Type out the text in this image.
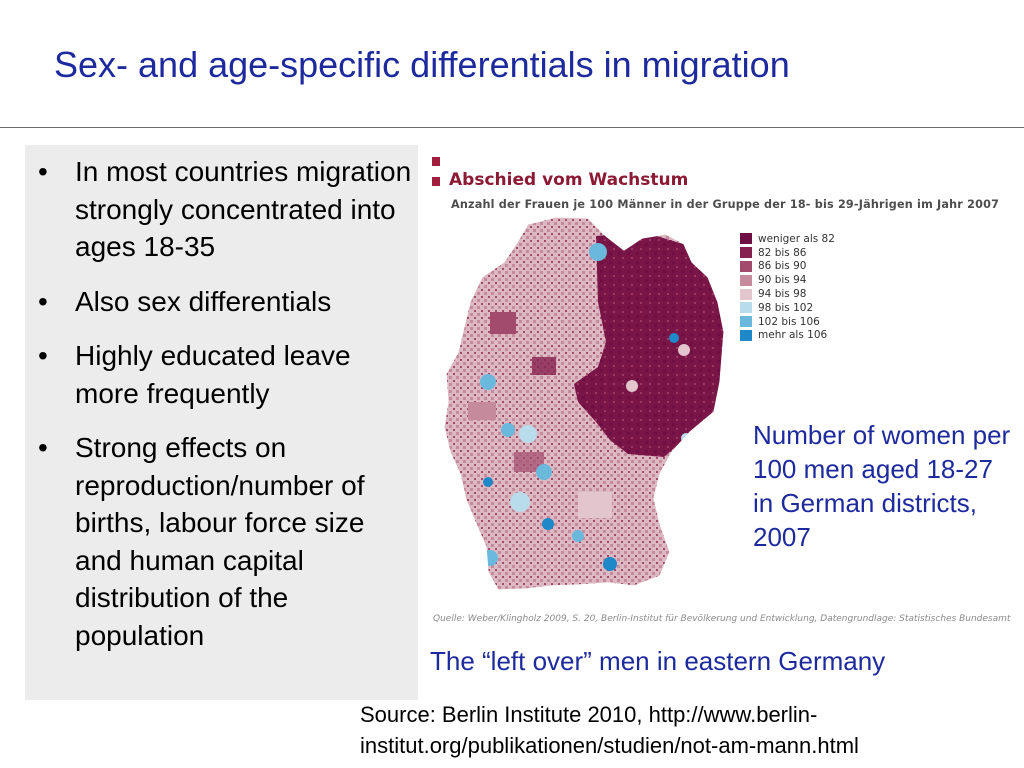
Sex- and age-specific differentials in migration
• In most countries migration strongly concentrated into ages 18-35
• Also sex differentials
• Highly educated leave more frequently
• Strong effects on reproduction/number of births, labour force size and human capital distribution of the population
Abschied vom Wachstum
Anzahl der Frauen je 100 Männer in der Gruppe der 18- bis 29-Jährigen im Jahr 2007
weniger als 82
82 bis 86
86 bis 90
90 bis 94
94 bis 98
98 bis 102
102 bis 106
mehr als 106
Quelle: Weber/Klingholz 2009, S. 20, Berlin-Institut für Bevölkerung und Entwicklung, Datengrundlage: Statistisches Bundesamt
Number of women per 100 men aged 18-27 in German districts, 2007
The “left over” men in eastern Germany
Source: Berlin Institute 2010, http://www.berlin-institut.org/publikationen/studien/not-am-mann.html
